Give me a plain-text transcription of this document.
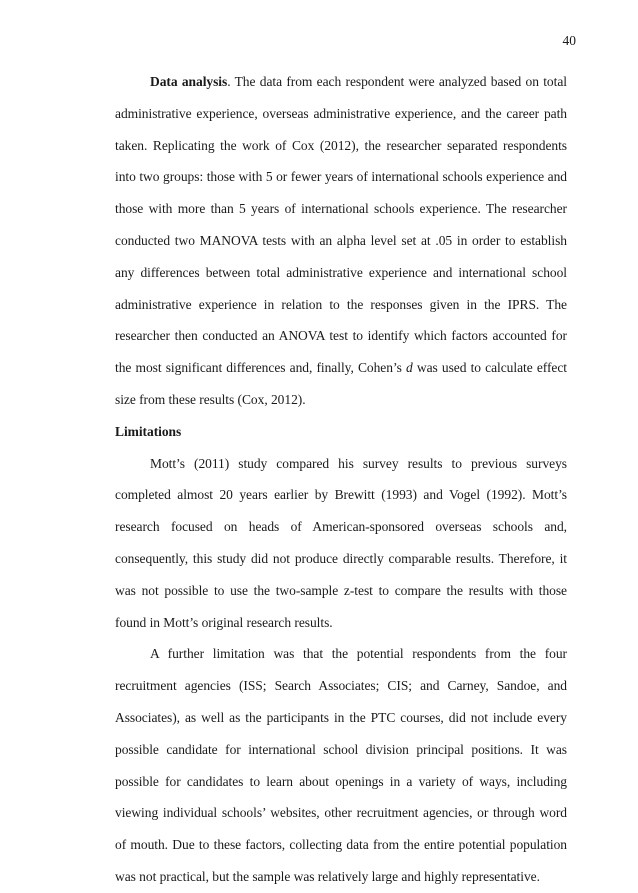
40

Data analysis. The data from each respondent were analyzed based on total administrative experience, overseas administrative experience, and the career path taken. Replicating the work of Cox (2012), the researcher separated respondents into two groups: those with 5 or fewer years of international schools experience and those with more than 5 years of international schools experience. The researcher conducted two MANOVA tests with an alpha level set at .05 in order to establish any differences between total administrative experience and international school administrative experience in relation to the responses given in the IPRS. The researcher then conducted an ANOVA test to identify which factors accounted for the most significant differences and, finally, Cohen’s d was used to calculate effect size from these results (Cox, 2012).

Limitations

Mott’s (2011) study compared his survey results to previous surveys completed almost 20 years earlier by Brewitt (1993) and Vogel (1992). Mott’s research focused on heads of American-sponsored overseas schools and, consequently, this study did not produce directly comparable results. Therefore, it was not possible to use the two-sample z-test to compare the results with those found in Mott’s original research results.

A further limitation was that the potential respondents from the four recruitment agencies (ISS; Search Associates; CIS; and Carney, Sandoe, and Associates), as well as the participants in the PTC courses, did not include every possible candidate for international school division principal positions. It was possible for candidates to learn about openings in a variety of ways, including viewing individual schools’ websites, other recruitment agencies, or through word of mouth. Due to these factors, collecting data from the entire potential population was not practical, but the sample was relatively large and highly representative.
